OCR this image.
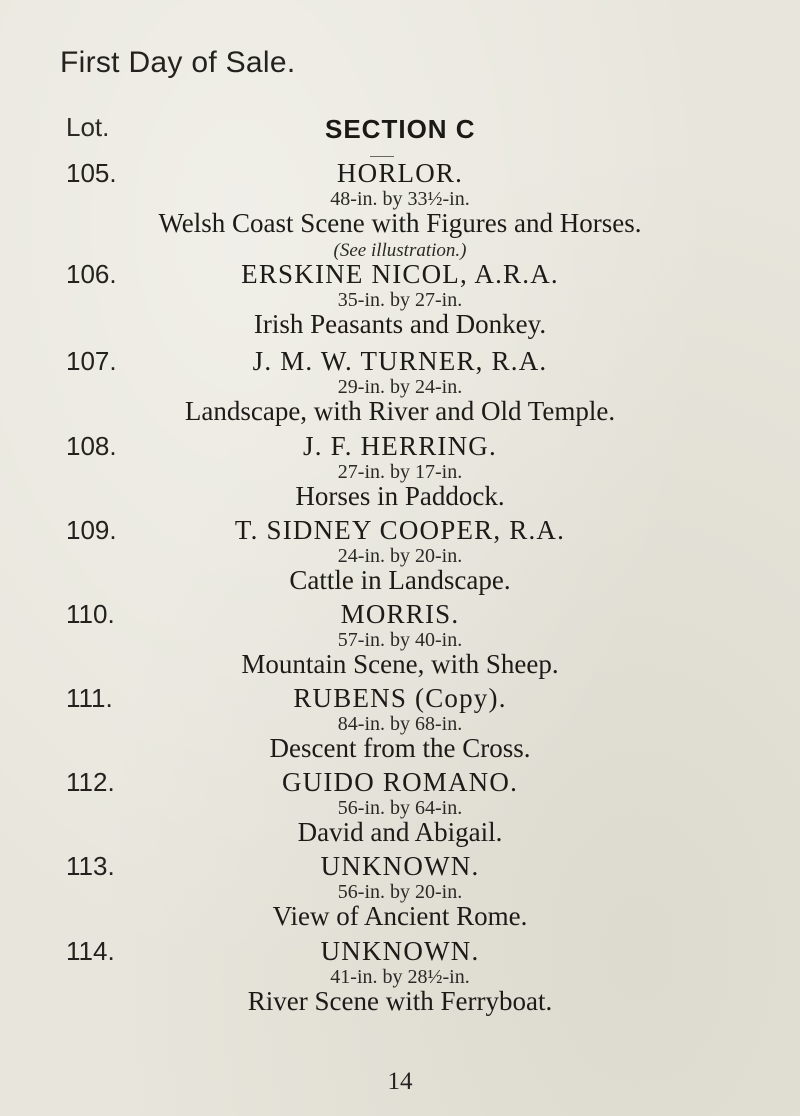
First Day of Sale.
Lot.	SECTION C
105.	HORLOR.
48-in. by 33½-in.
Welsh Coast Scene with Figures and Horses.
(See illustration.)
106.	ERSKINE NICOL, A.R.A.
35-in. by 27-in.
Irish Peasants and Donkey.
107.	J. M. W. TURNER, R.A.
29-in. by 24-in.
Landscape, with River and Old Temple.
108.	J. F. HERRING.
27-in. by 17-in.
Horses in Paddock.
109.	T. SIDNEY COOPER, R.A.
24-in. by 20-in.
Cattle in Landscape.
110.	MORRIS.
57-in. by 40-in.
Mountain Scene, with Sheep.
111.	RUBENS (Copy).
84-in. by 68-in.
Descent from the Cross.
112.	GUIDO ROMANO.
56-in. by 64-in.
David and Abigail.
113.	UNKNOWN.
56-in. by 20-in.
View of Ancient Rome.
114.	UNKNOWN.
41-in. by 28½-in.
River Scene with Ferryboat.
14
